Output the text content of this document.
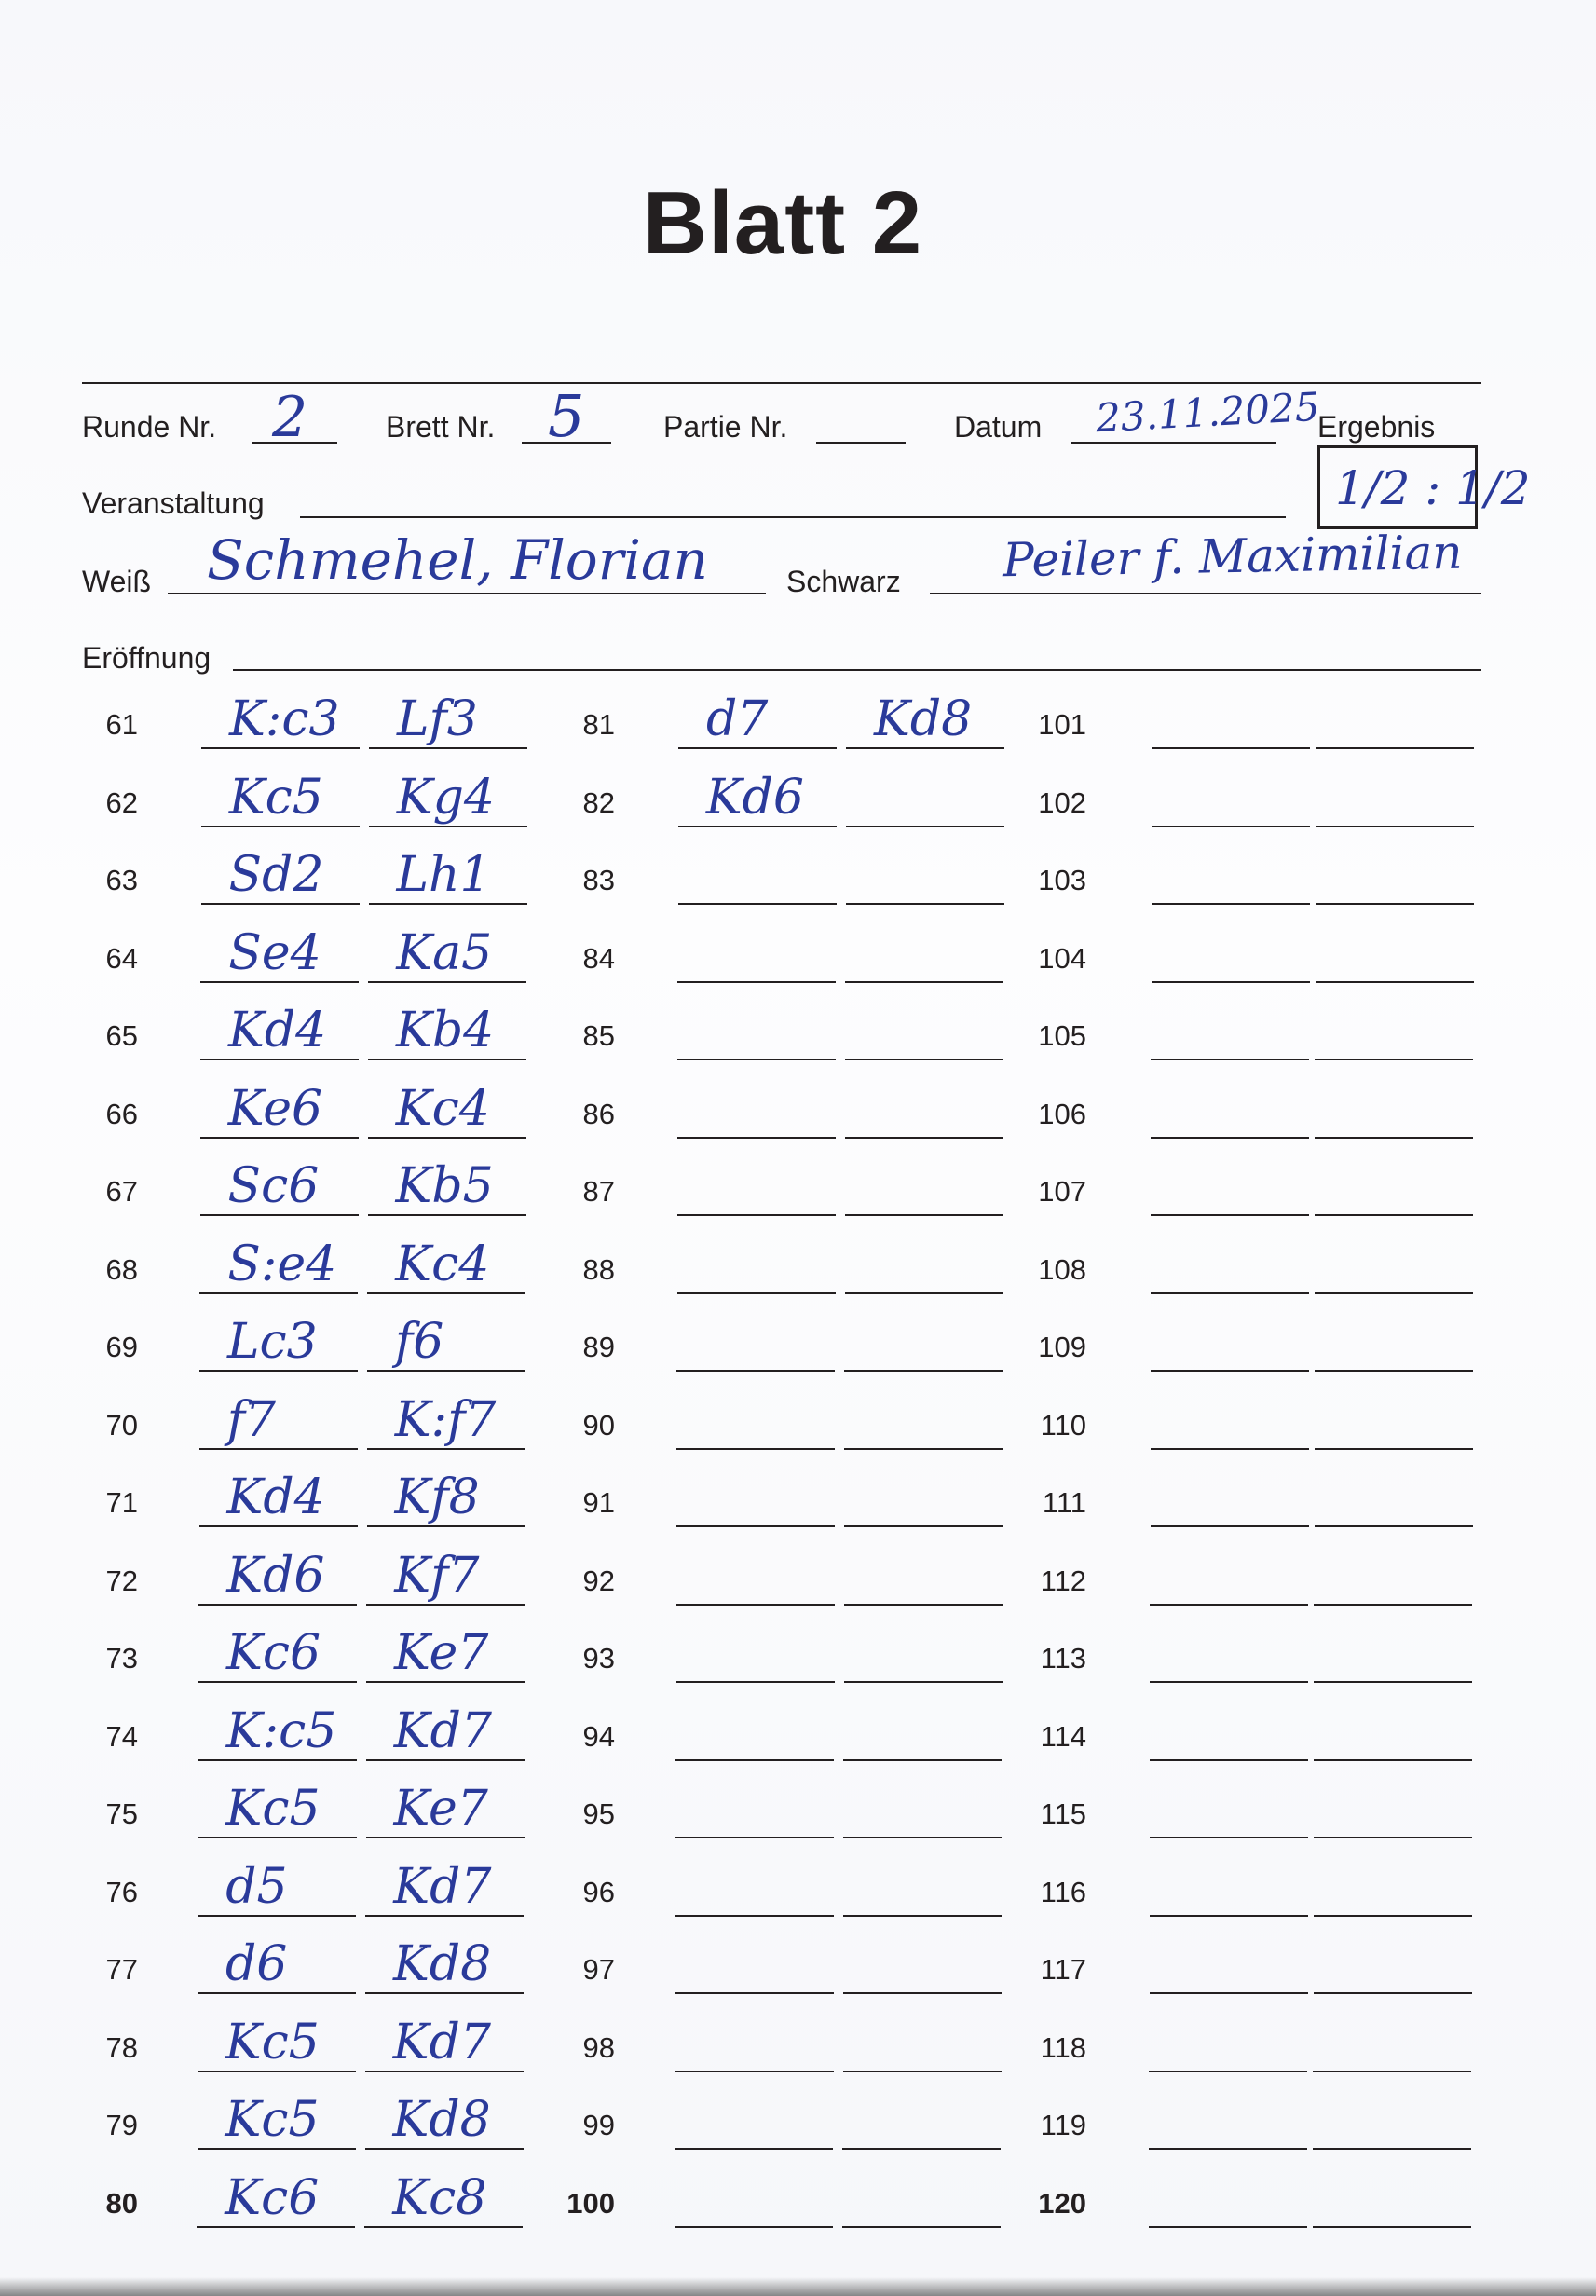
Blatt 2
Runde Nr. 2	Brett Nr. 5	Partie Nr.	Datum 23.11.2025
Ergebnis
1/2 : 1/2
Veranstaltung
Weiß Schmehel, Florian	Schwarz Peiler f. Maximilian
Eröffnung
61 K:c3 Lf3
62 Kc5 Kg4
63 Sd2 Lh1
64 Se4 Ka5
65 Kd4 Kb4
66 Ke6 Kc4
67 Sc6 Kb5
68 S:e4 Kc4
69 Lc3 f6
70 f7 K:f7
71 Kd4 Kf8
72 Kd6 Kf7
73 Kc6 Ke7
74 K:c5 Kd7
75 Kc5 Ke7
76 d5 Kd7
77 d6 Kd8
78 Kc5 Kd7
79 Kc5 Kd8
80 Kc6 Kc8
81 d7 Kd8
82 Kd6
83
84
85
86
87
88
89
90
91
92
93
94
95
96
97
98
99
100
101
102
103
104
105
106
107
108
109
110
111
112
113
114
115
116
117
118
119
120
